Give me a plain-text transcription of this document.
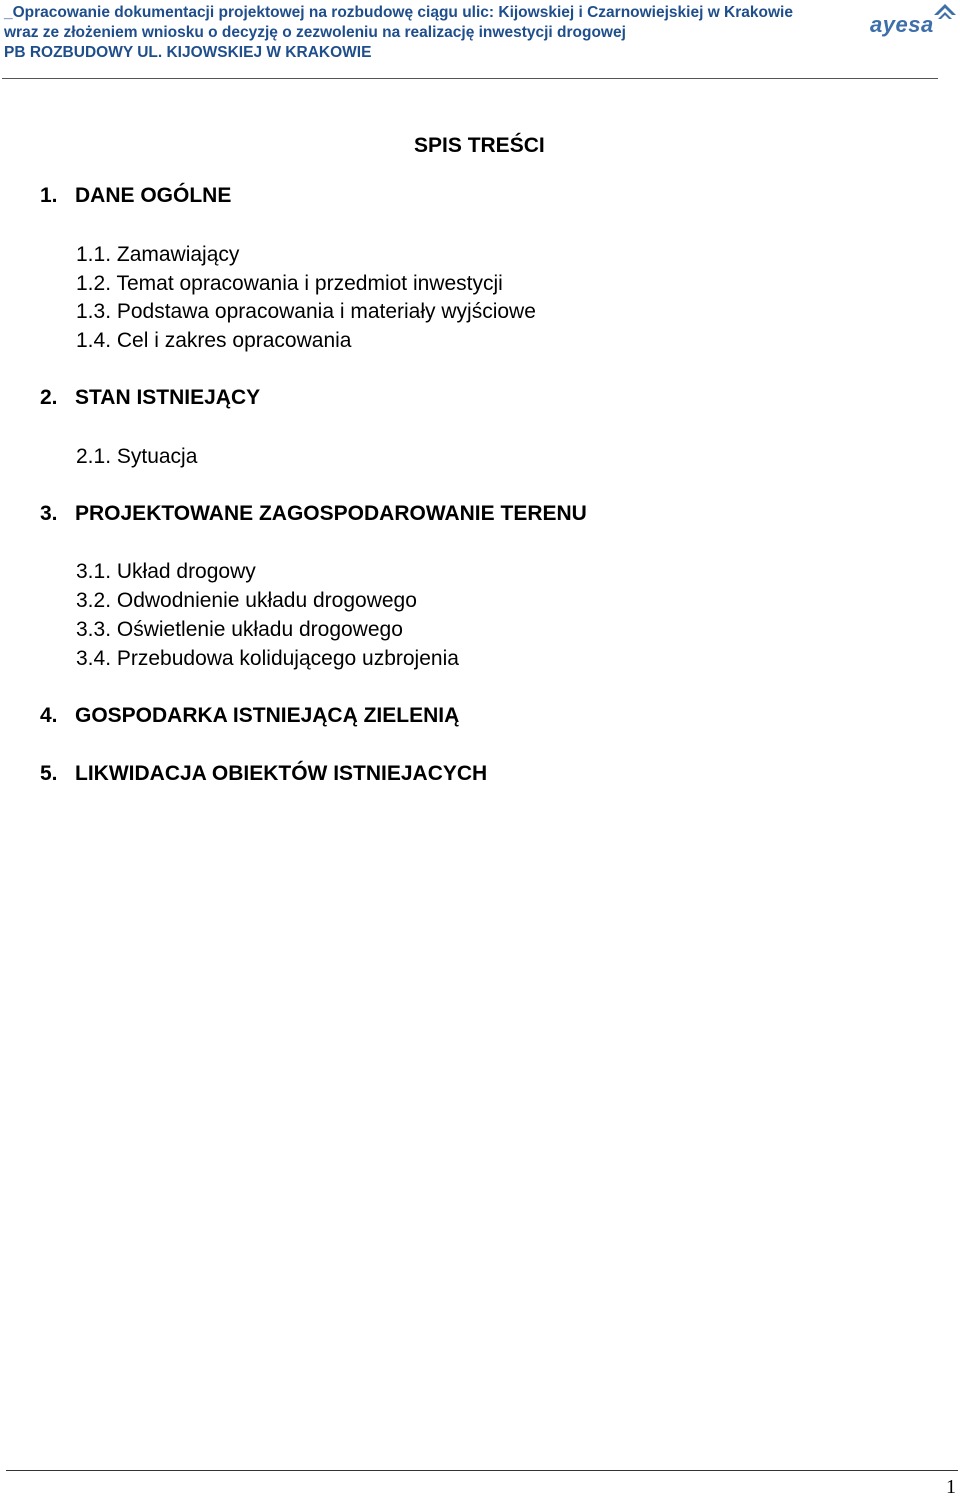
_Opracowanie dokumentacji projektowej na rozbudowę ciągu ulic: Kijowskiej i Czarnowiejskiej w Krakowie
wraz ze złożeniem wniosku o decyzję o zezwoleniu na realizację inwestycji drogowej
PB ROZBUDOWY UL. KIJOWSKIEJ W KRAKOWIE
ayesa
SPIS TREŚCI
1. DANE OGÓLNE
1.1. Zamawiający
1.2. Temat opracowania i przedmiot inwestycji
1.3. Podstawa opracowania i materiały wyjściowe
1.4. Cel i zakres opracowania
2. STAN ISTNIEJĄCY
2.1. Sytuacja
3. PROJEKTOWANE ZAGOSPODAROWANIE TERENU
3.1. Układ drogowy
3.2. Odwodnienie układu drogowego
3.3. Oświetlenie układu drogowego
3.4. Przebudowa kolidującego uzbrojenia
4. GOSPODARKA ISTNIEJĄCĄ ZIELENIĄ
5. LIKWIDACJA OBIEKTÓW ISTNIEJACYCH
1
